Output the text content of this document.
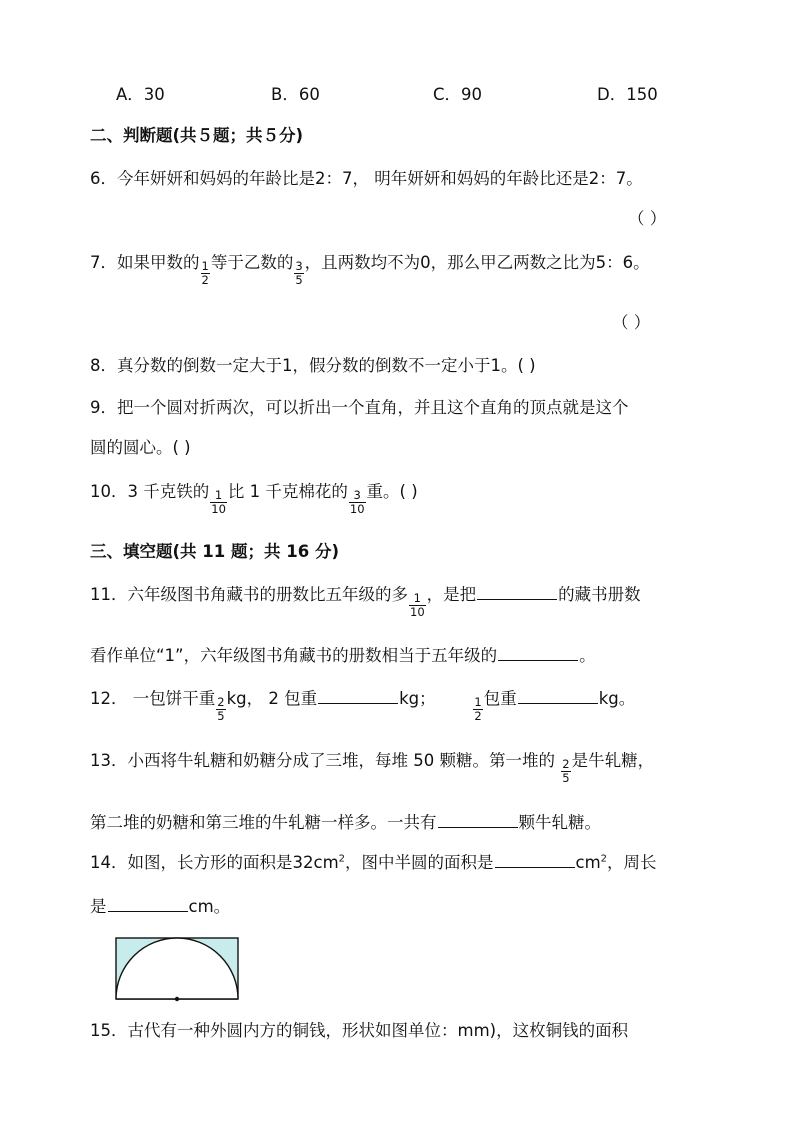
A．30	B．60	C．90	D．150
二、判断题(共５题；共５分)
6．今年妍妍和妈妈的年龄比是2：7， 明年妍妍和妈妈的年龄比还是2：7。
（ ）
7．如果甲数的 $\frac{1}{2}$ 等于乙数的 $\frac{3}{5}$ ，且两数均不为0，那么甲乙两数之比为5：6。
（ ）
8．真分数的倒数一定大于1，假分数的倒数不一定小于1。( )
9．把一个圆对折两次，可以折出一个直角，并且这个直角的顶点就是这个
圆的圆心。( )
10．3 千克铁的 $\frac{1}{10}$ 比 1 千克棉花的 $\frac{3}{10}$ 重。( )
三、填空题(共 11 题；共 16 分)
11．六年级图书角藏书的册数比五年级的多 $\frac{1}{10}$ ，是把	的藏书册数
看作单位“1”，六年级图书角藏书的册数相当于五年级的	。
12． 一包饼干重 $\frac{2}{5}$ kg， 2 包重	kg；	$\frac{1}{2}$ 包重	kg。
13．小西将牛轧糖和奶糖分成了三堆，每堆 50 颗糖。第一堆的 $\frac{2}{5}$ 是牛轧糖，
第二堆的奶糖和第三堆的牛轧糖一样多。一共有	颗牛轧糖。
14．如图，长方形的面积是$32cm^2$，图中半圆的面积是	$cm^2$，周长
是	cm。
15．古代有一种外圆内方的铜钱，形状如图单位：mm)，这枚铜钱的面积
